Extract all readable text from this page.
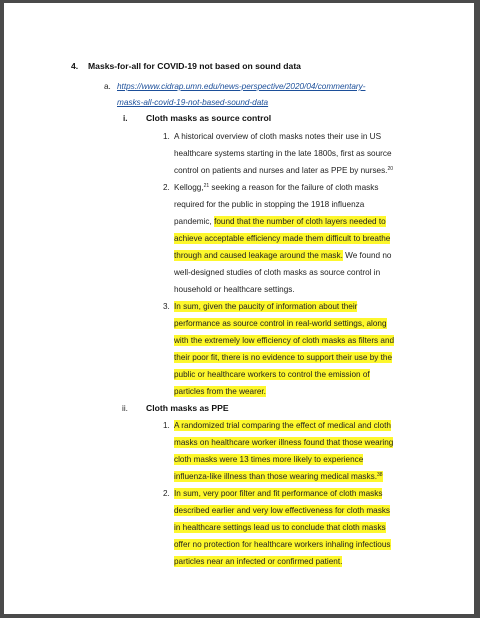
4. Masks-for-all for COVID-19 not based on sound data
a. https://www.cidrap.umn.edu/news-perspective/2020/04/commentary-
masks-all-covid-19-not-based-sound-data
i. Cloth masks as source control
1. A historical overview of cloth masks notes their use in US
healthcare systems starting in the late 1800s, first as source
control on patients and nurses and later as PPE by nurses.$^{20}$
2. Kellogg,$^{21}$ seeking a reason for the failure of cloth masks
required for the public in stopping the 1918 influenza
pandemic, found that the number of cloth layers needed to
achieve acceptable efficiency made them difficult to breathe
through and caused leakage around the mask. We found no
well-designed studies of cloth masks as source control in
household or healthcare settings.
3. In sum, given the paucity of information about their
performance as source control in real-world settings, along
with the extremely low efficiency of cloth masks as filters and
their poor fit, there is no evidence to support their use by the
public or healthcare workers to control the emission of
particles from the wearer.
ii. Cloth masks as PPE
1. A randomized trial comparing the effect of medical and cloth
masks on healthcare worker illness found that those wearing
cloth masks were 13 times more likely to experience
influenza-like illness than those wearing medical masks.$^{38}$
2. In sum, very poor filter and fit performance of cloth masks
described earlier and very low effectiveness for cloth masks
in healthcare settings lead us to conclude that cloth masks
offer no protection for healthcare workers inhaling infectious
particles near an infected or confirmed patient.
